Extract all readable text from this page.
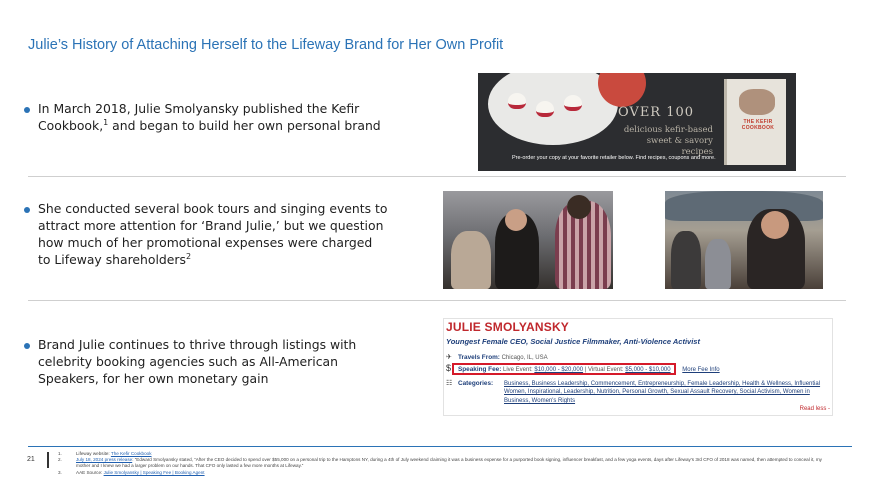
Julie’s History of Attaching Herself to the Lifeway Brand for Her Own Profit
In March 2018, Julie Smolyansky published the Kefir Cookbook,$^1$ and began to build her own personal brand
She conducted several book tours and singing events to attract more attention for ‘Brand Julie,’ but we question how much of her promotional expenses were charged to Lifeway shareholders$^2$
Brand Julie continues to thrive through listings with celebrity booking agencies such as All-American Speakers, for her own monetary gain
OVER 100
delicious kefir-based sweet & savory recipes
Pre-order your copy at your favorite retailer below. Find recipes, coupons and more.
THE KEFIR COOKBOOK
JULIE SMOLYANSKY
Youngest Female CEO, Social Justice Filmmaker, Anti-Violence Activist
✈ Travels From: Chicago, IL, USA
$ Speaking Fee: Live Event: $10,000 - $20,000 | Virtual Event: $5,000 - $10,000 More Fee Info
☷ Categories: Business, Business Leadership, Commencement, Entrepreneurship, Female Leadership, Health & Wellness, Influential Women, Inspirational, Leadership, Nutrition, Personal Growth, Sexual Assault Recovery, Social Activism, Women in Business, Women's Rights
Read less -
21
1.	Lifeway website: The Kefir Cookbook
2.	July 18, 2024 press release: “Edward Smolyansky stated, “After the CEO decided to spend over $55,000 on a personal trip to the Hamptons NY, during a 4th of July weekend claiming it was a business expense for a purported book signing, influencer breakfast, and a few yoga events, days after Lifeway’s 3rd CFO of 2018 was named, then attempted to conceal it, my mother and I knew we had a larger problem on our hands. That CFO only lasted a few more months at Lifeway.”
3.	AAE Source: Julie Smolyansky | Speaking Fee | Booking Agent
